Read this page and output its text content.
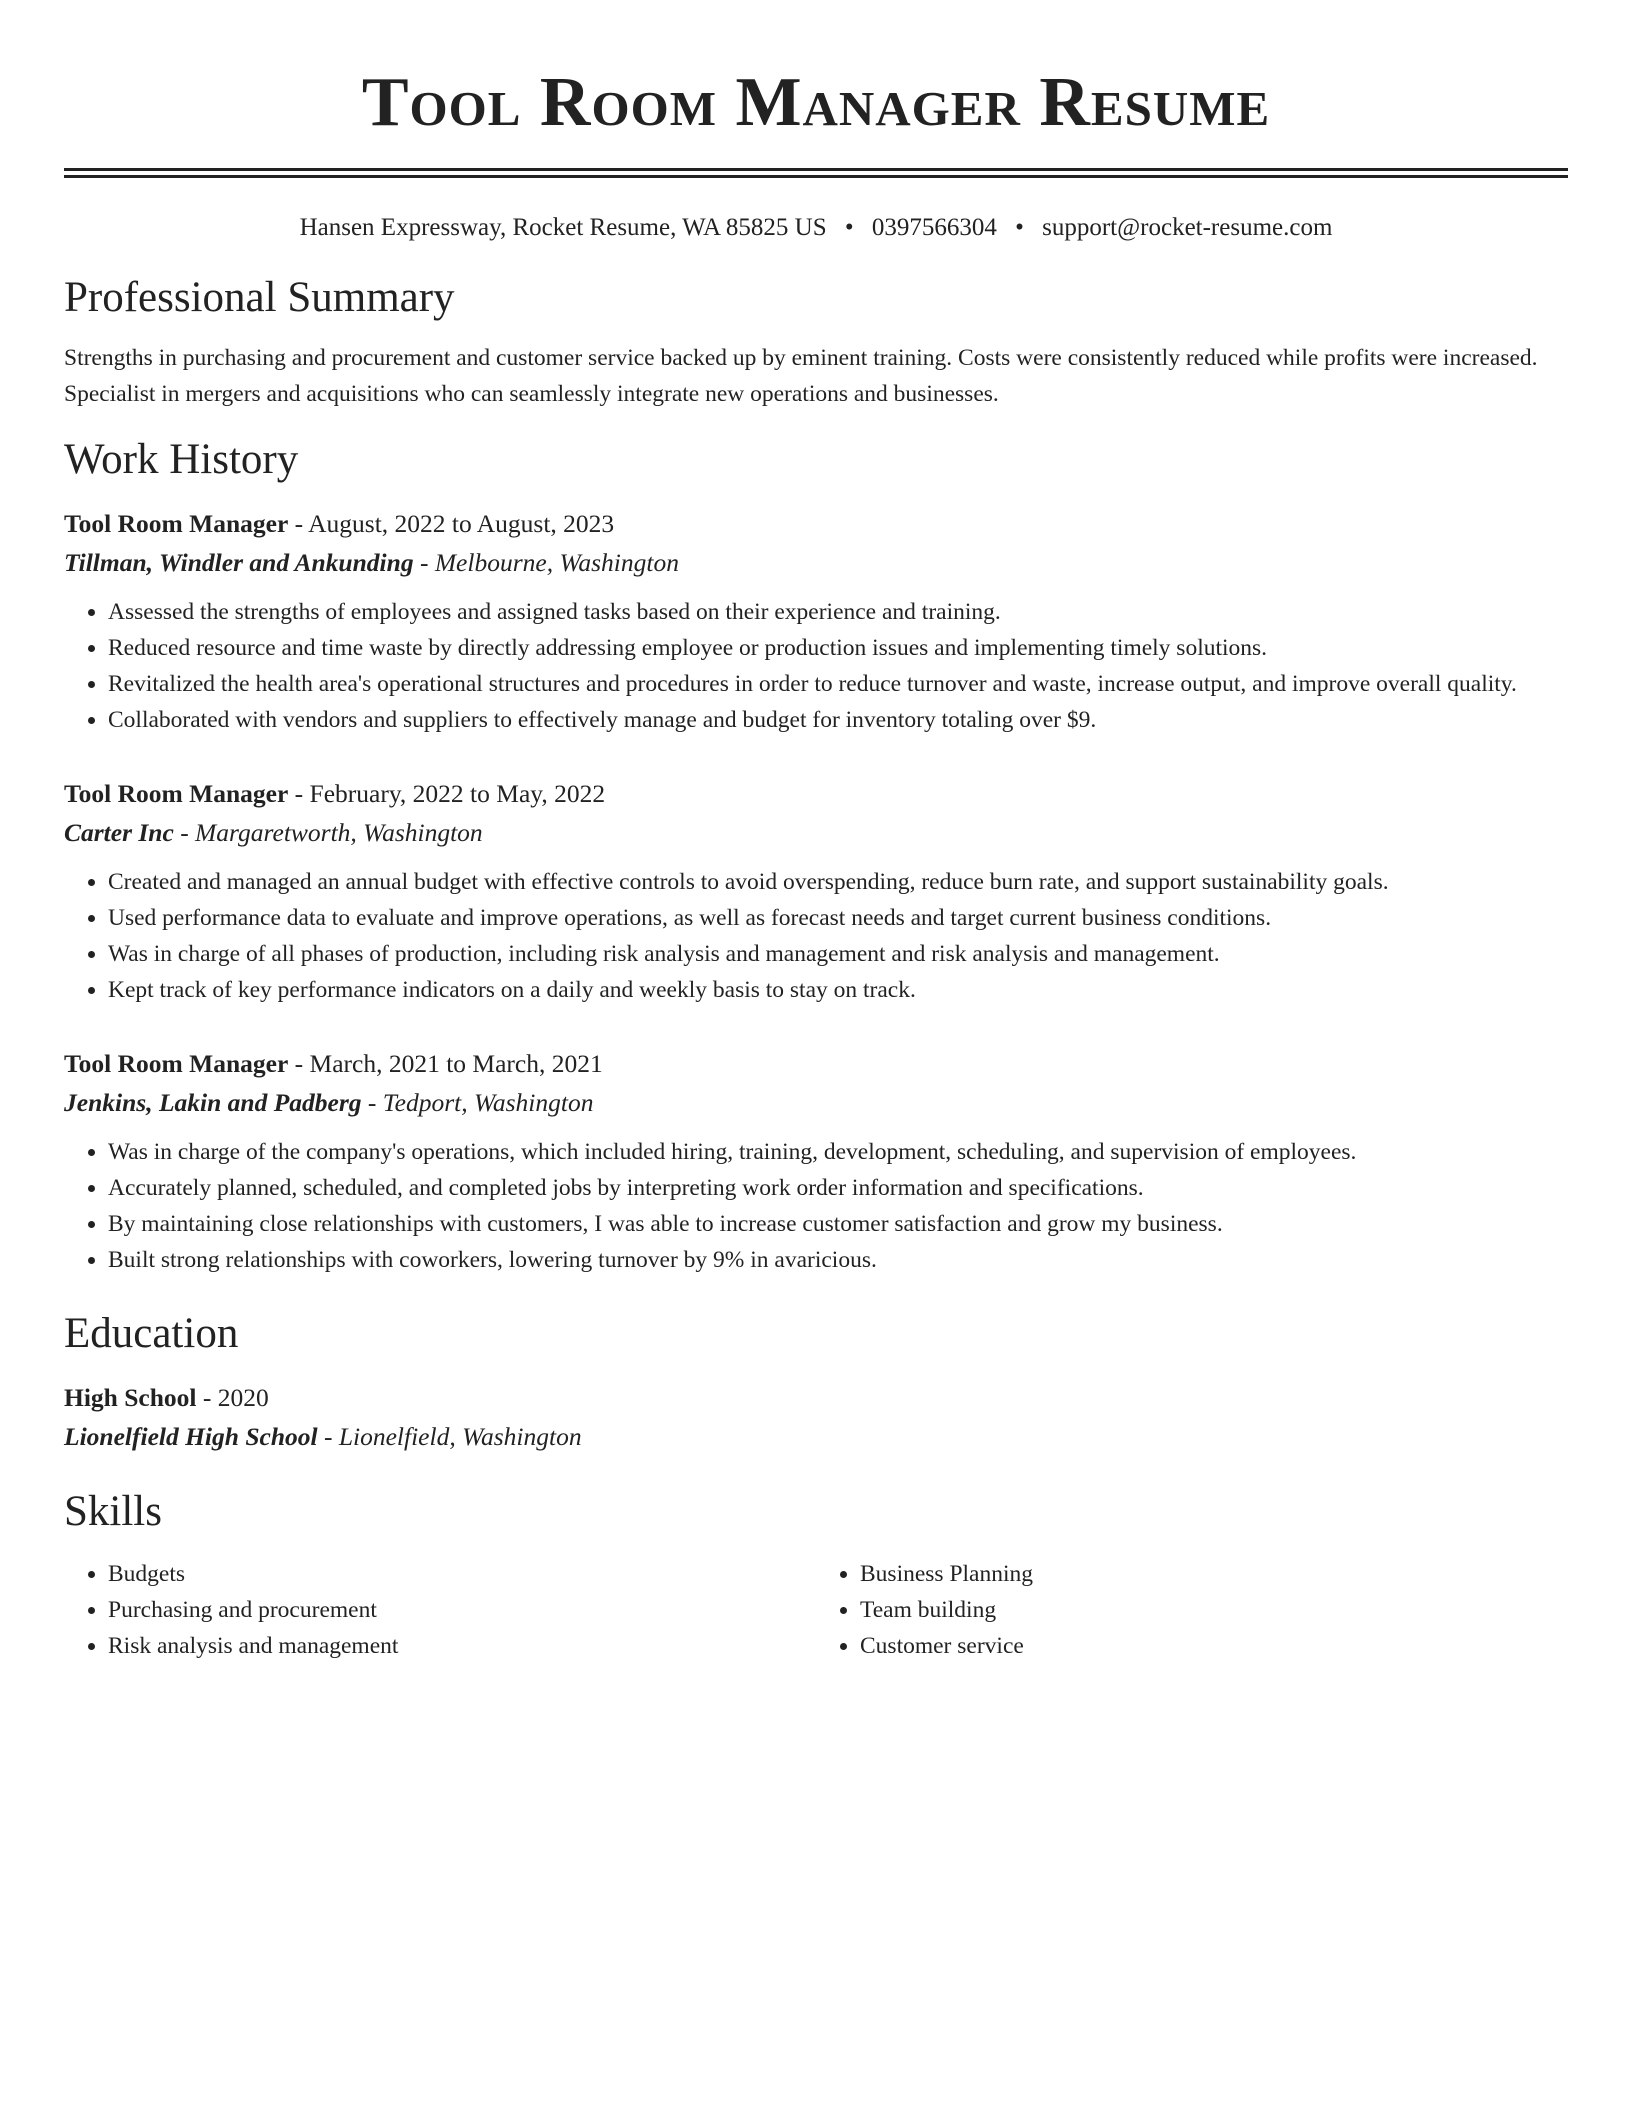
Tool Room Manager Resume
Hansen Expressway, Rocket Resume, WA 85825 US • 0397566304 • support@rocket-resume.com
Professional Summary

Strengths in purchasing and procurement and customer service backed up by eminent training. Costs were consistently reduced while profits were increased. Specialist in mergers and acquisitions who can seamlessly integrate new operations and businesses.

Work History
Tool Room Manager - August, 2022 to August, 2023
Tillman, Windler and Ankunding - Melbourne, Washington
• Assessed the strengths of employees and assigned tasks based on their experience and training.
• Reduced resource and time waste by directly addressing employee or production issues and implementing timely solutions.
• Revitalized the health area's operational structures and procedures in order to reduce turnover and waste, increase output, and improve overall quality.
• Collaborated with vendors and suppliers to effectively manage and budget for inventory totaling over $9.
Tool Room Manager - February, 2022 to May, 2022
Carter Inc - Margaretworth, Washington
• Created and managed an annual budget with effective controls to avoid overspending, reduce burn rate, and support sustainability goals.
• Used performance data to evaluate and improve operations, as well as forecast needs and target current business conditions.
• Was in charge of all phases of production, including risk analysis and management and risk analysis and management.
• Kept track of key performance indicators on a daily and weekly basis to stay on track.
Tool Room Manager - March, 2021 to March, 2021
Jenkins, Lakin and Padberg - Tedport, Washington
• Was in charge of the company's operations, which included hiring, training, development, scheduling, and supervision of employees.
• Accurately planned, scheduled, and completed jobs by interpreting work order information and specifications.
• By maintaining close relationships with customers, I was able to increase customer satisfaction and grow my business.
• Built strong relationships with coworkers, lowering turnover by 9% in avaricious.
Education
High School - 2020
Lionelfield High School - Lionelfield, Washington
Skills
• Budgets
• Purchasing and procurement
• Risk analysis and management
• Business Planning
• Team building
• Customer service
